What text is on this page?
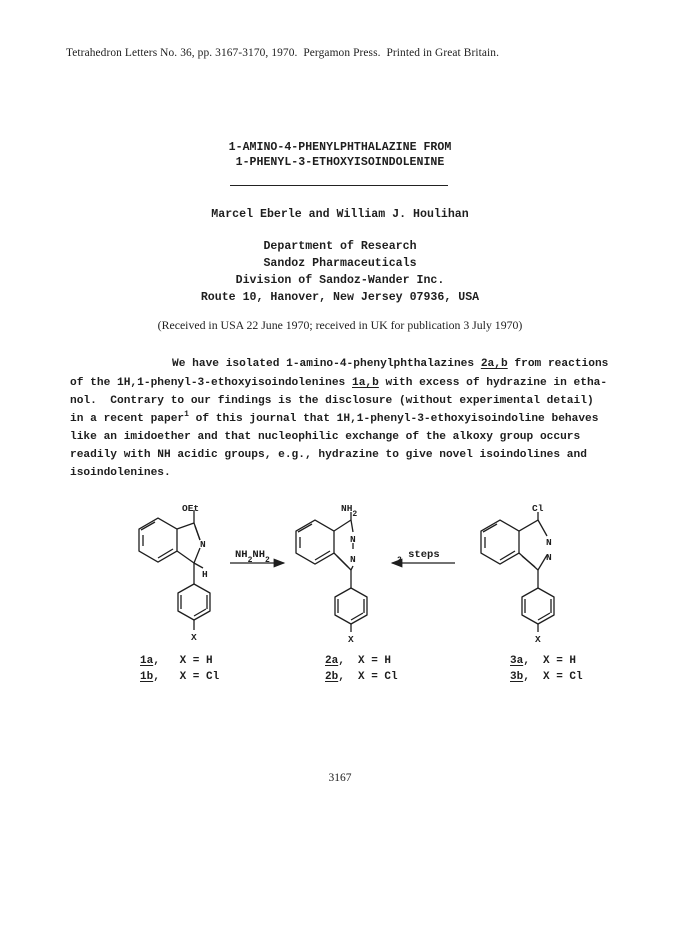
Tetrahedron Letters No. 36, pp. 3167-3170, 1970.  Pergamon Press.  Printed in Great Britain.
1-AMINO-4-PHENYLPHTHALAZINE FROM
1-PHENYL-3-ETHOXYISOINDOLENINE
Marcel Eberle and William J. Houlihan
Department of Research
Sandoz Pharmaceuticals
Division of Sandoz-Wander Inc.
Route 10, Hanover, New Jersey 07936, USA
(Received in USA 22 June 1970; received in UK for publication 3 July 1970)
We have isolated 1-amino-4-phenylphthalazines 2a,b from reactions
of the 1H,1-phenyl-3-ethoxyisoindolenines 1a,b with excess of hydrazine in etha-
nol.  Contrary to our findings is the disclosure (without experimental detail)
in a recent paper$^1$ of this journal that 1H,1-phenyl-3-ethoxyisoindoline behaves
like an imidoether and that nucleophilic exchange of the alkoxy group occurs
readily with NH acidic groups, e.g., hydrazine to give novel isoindolines and
isoindolenines.
OEt
N
H
X
$NH_2$
N
N
X
Cl
N
N
X
$NH_2NH_2$	$_2$ steps
1a,   X = H
1b,   X = Cl
2a,  X = H
2b,  X = Cl
3a,  X = H
3b,  X = Cl
3167
